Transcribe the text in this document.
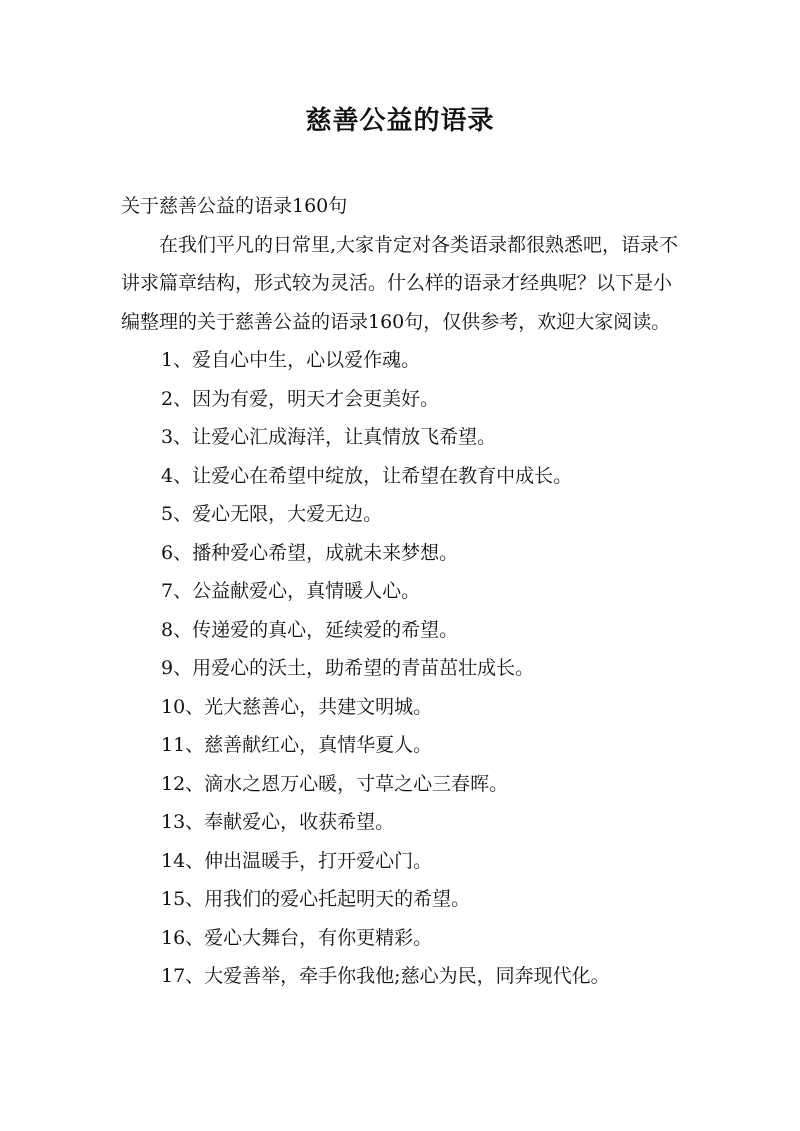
慈善公益的语录

关于慈善公益的语录160句

在我们平凡的日常里,大家肯定对各类语录都很熟悉吧，语录不讲求篇章结构，形式较为灵活。什么样的语录才经典呢？以下是小编整理的关于慈善公益的语录160句，仅供参考，欢迎大家阅读。

1、爱自心中生，心以爱作魂。
2、因为有爱，明天才会更美好。
3、让爱心汇成海洋，让真情放飞希望。
4、让爱心在希望中绽放，让希望在教育中成长。
5、爱心无限，大爱无边。
6、播种爱心希望，成就未来梦想。
7、公益献爱心，真情暖人心。
8、传递爱的真心，延续爱的希望。
9、用爱心的沃土，助希望的青苗茁壮成长。
10、光大慈善心，共建文明城。
11、慈善献红心，真情华夏人。
12、滴水之恩万心暖，寸草之心三春晖。
13、奉献爱心，收获希望。
14、伸出温暖手，打开爱心门。
15、用我们的爱心托起明天的希望。
16、爱心大舞台，有你更精彩。
17、大爱善举，牵手你我他;慈心为民，同奔现代化。
